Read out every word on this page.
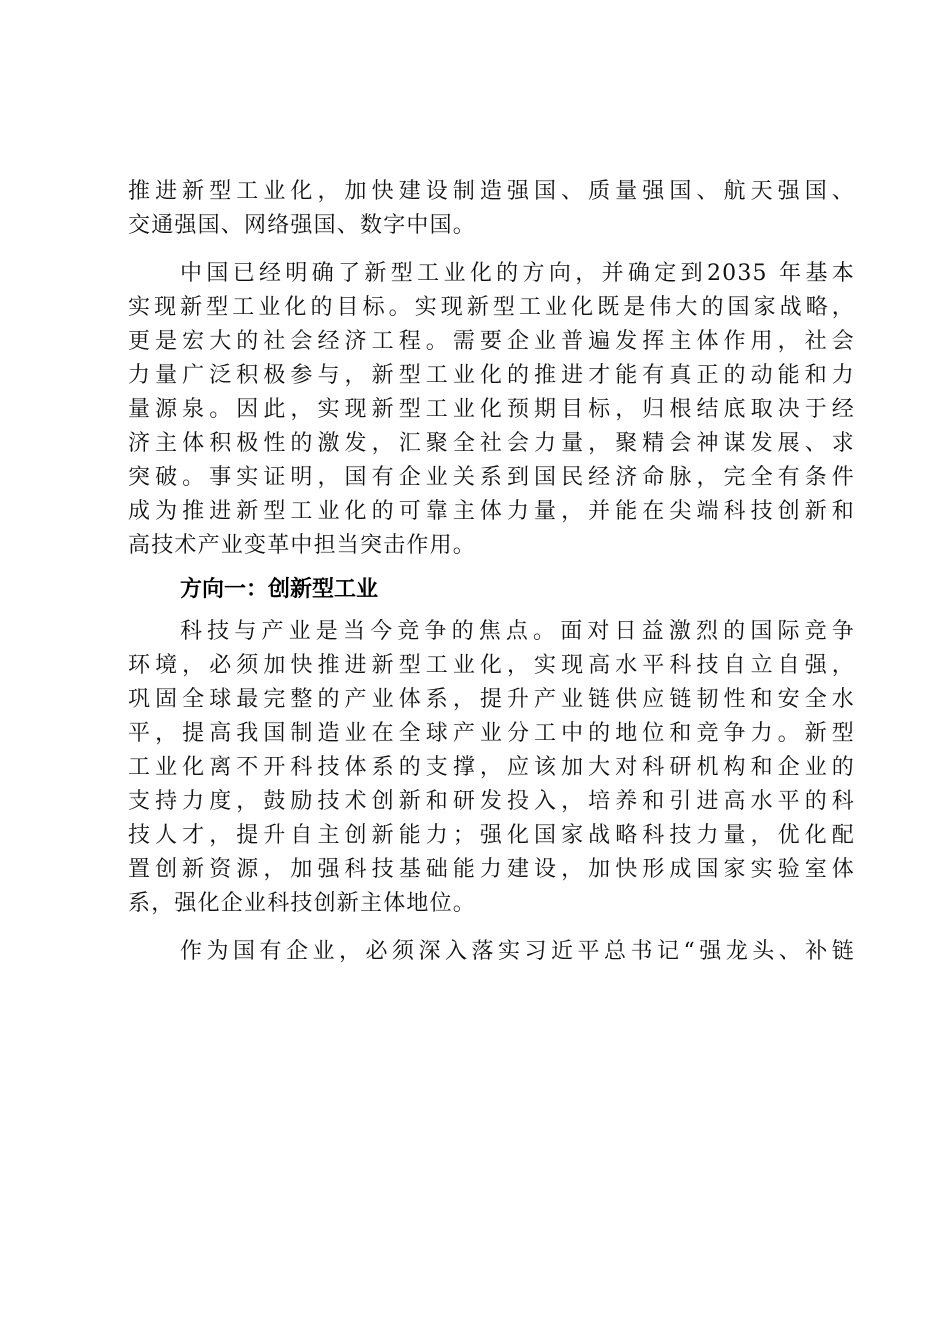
推进新型工业化，加快建设制造强国、质量强国、航天强国、
交通强国、网络强国、数字中国。
中国已经明确了新型工业化的方向，并确定到2035 年基本
实现新型工业化的目标。实现新型工业化既是伟大的国家战略，
更是宏大的社会经济工程。需要企业普遍发挥主体作用，社会
力量广泛积极参与，新型工业化的推进才能有真正的动能和力
量源泉。因此，实现新型工业化预期目标，归根结底取决于经
济主体积极性的激发，汇聚全社会力量，聚精会神谋发展、求
突破。事实证明，国有企业关系到国民经济命脉，完全有条件
成为推进新型工业化的可靠主体力量，并能在尖端科技创新和
高技术产业变革中担当突击作用。
方向一：创新型工业
科技与产业是当今竞争的焦点。面对日益激烈的国际竞争
环境，必须加快推进新型工业化，实现高水平科技自立自强，
巩固全球最完整的产业体系，提升产业链供应链韧性和安全水
平，提高我国制造业在全球产业分工中的地位和竞争力。新型
工业化离不开科技体系的支撑，应该加大对科研机构和企业的
支持力度，鼓励技术创新和研发投入，培养和引进高水平的科
技人才，提升自主创新能力；强化国家战略科技力量，优化配
置创新资源，加强科技基础能力建设，加快形成国家实验室体
系，强化企业科技创新主体地位。
作为国有企业，必须深入落实习近平总书记“强龙头、补链
